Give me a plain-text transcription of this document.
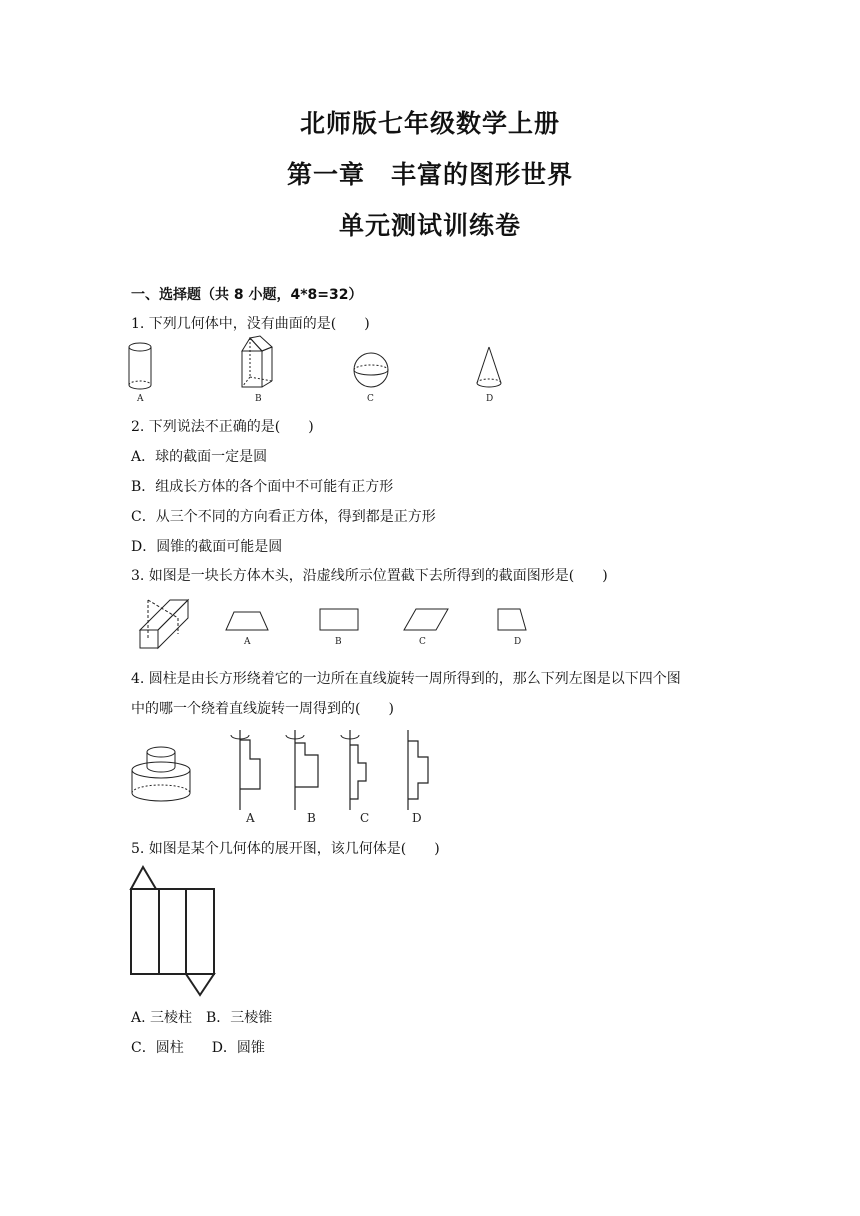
北师版七年级数学上册
第一章　丰富的图形世界
单元测试训练卷
一、选择题（共 8 小题，4*8=32）
1. 下列几何体中，没有曲面的是(　　)
A	B	C	D
2. 下列说法不正确的是(　　)
A．球的截面一定是圆
B．组成长方体的各个面中不可能有正方形
C．从三个不同的方向看正方体，得到都是正方形
D．圆锥的截面可能是圆
3. 如图是一块长方体木头，沿虚线所示位置截下去所得到的截面图形是(　　)
A	B	C	D
4. 圆柱是由长方形绕着它的一边所在直线旋转一周所得到的，那么下列左图是以下四个图
中的哪一个绕着直线旋转一周得到的(　　)
A	B	C	D
5. 如图是某个几何体的展开图，该几何体是(　　)
A. 三棱柱　B．三棱锥
C．圆柱　　D．圆锥
